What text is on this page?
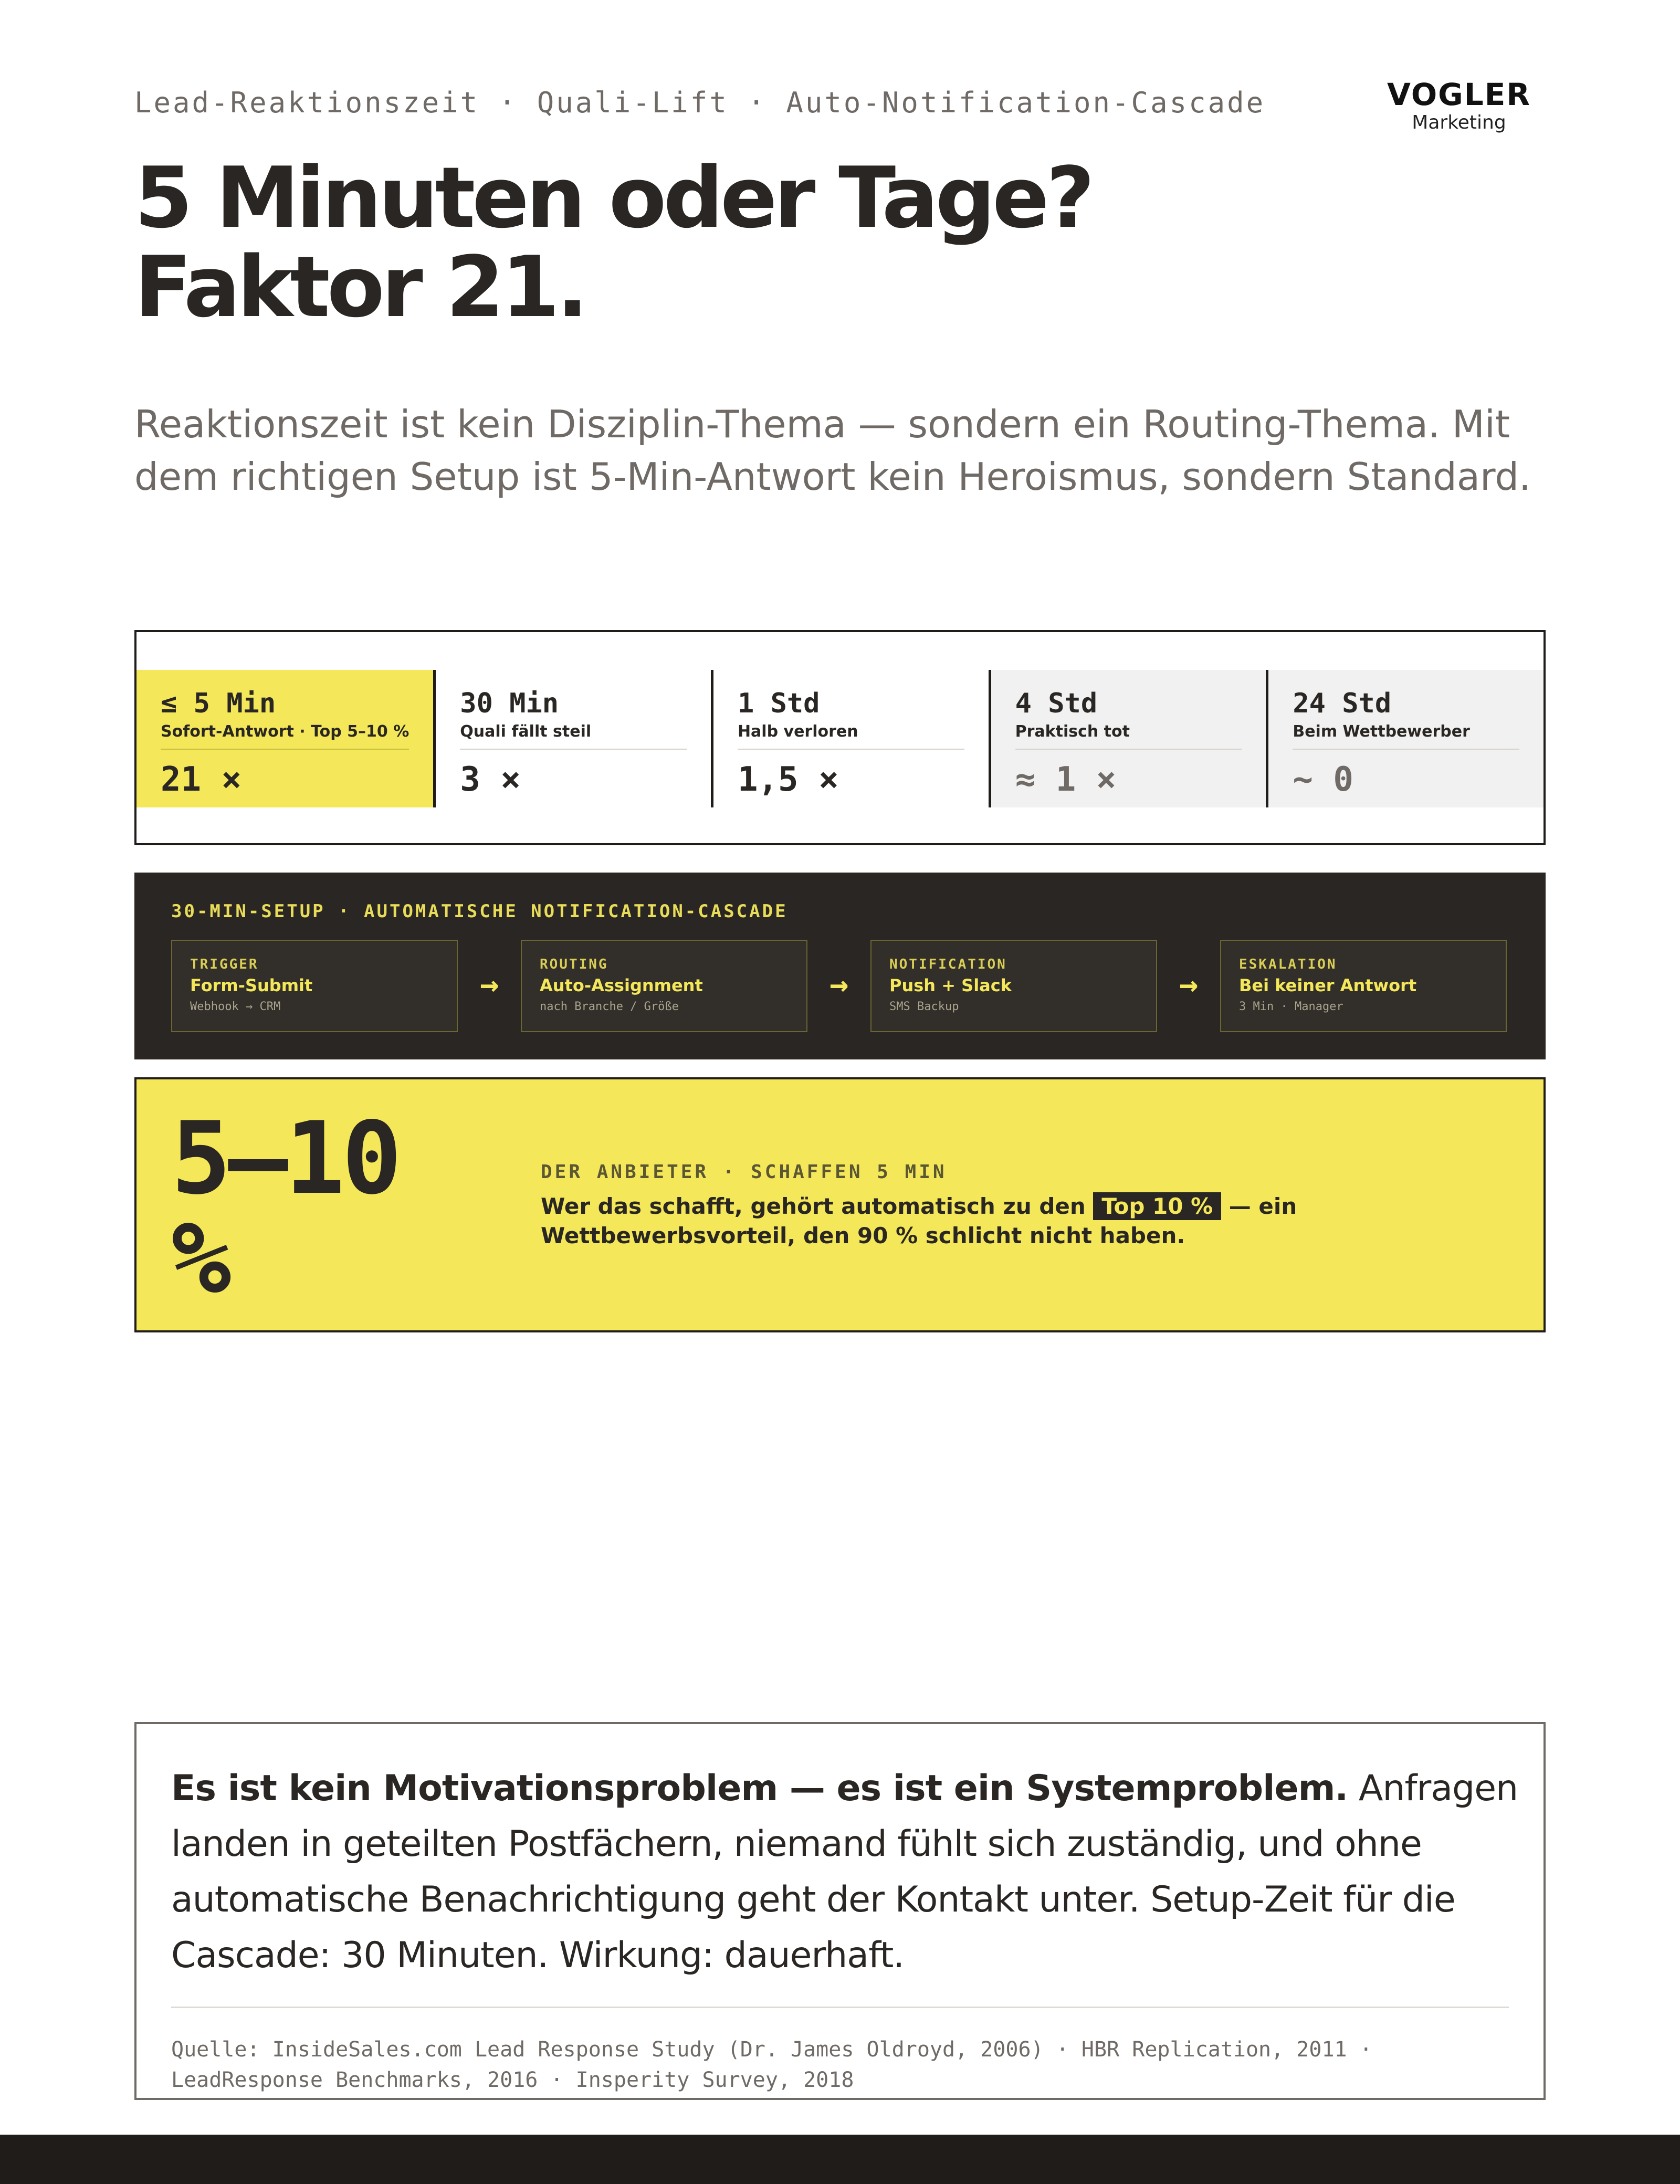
Lead-Reaktionszeit · Quali-Lift · Auto-Notification-Cascade	VOGLER
Marketing
5 Minuten oder Tage?
Faktor 21.

Reaktionszeit ist kein Disziplin-Thema — sondern ein Routing-Thema. Mit
dem richtigen Setup ist 5-Min-Antwort kein Heroismus, sondern Standard.

≤ 5 Min
Sofort-Antwort · Top 5–10 %
21 ×
30 Min
Quali fällt steil
3 ×
1 Std
Halb verloren
1,5 ×
4 Std
Praktisch tot
≈ 1 ×
24 Std
Beim Wettbewerber
~ 0
30-MIN-SETUP · AUTOMATISCHE NOTIFICATION-CASCADE
TRIGGER
Form-Submit
Webhook → CRM
→
ROUTING
Auto-Assignment
nach Branche / Größe
→
NOTIFICATION
Push + Slack
SMS Backup
→
ESKALATION
Bei keiner Antwort
3 Min · Manager
5–10
%
DER ANBIETER · SCHAFFEN 5 MIN
Wer das schafft, gehört automatisch zu den Top 10 % — ein Wettbewerbsvorteil, den 90 % schlicht nicht haben.
Es ist kein Motivationsproblem — es ist ein Systemproblem. Anfragen
landen in geteilten Postfächern, niemand fühlt sich zuständig, und ohne
automatische Benachrichtigung geht der Kontakt unter. Setup-Zeit für die
Cascade: 30 Minuten. Wirkung: dauerhaft.
Quelle: InsideSales.com Lead Response Study (Dr. James Oldroyd, 2006) · HBR Replication, 2011 ·
LeadResponse Benchmarks, 2016 · Insperity Survey, 2018
